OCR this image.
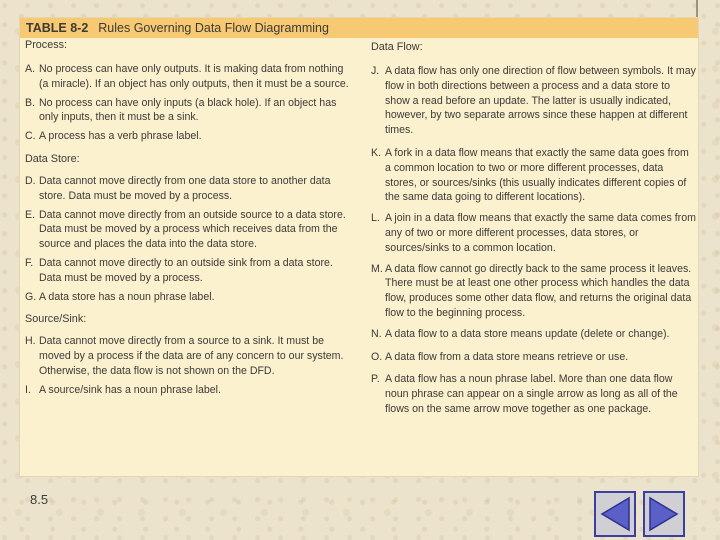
TABLE 8-2 Rules Governing Data Flow Diagramming
Process:
A. No process can have only outputs. It is making data from nothing (a miracle). If an object has only outputs, then it must be a source.
B. No process can have only inputs (a black hole). If an object has only inputs, then it must be a sink.
C. A process has a verb phrase label.
Data Store:
D. Data cannot move directly from one data store to another data store. Data must be moved by a process.
E. Data cannot move directly from an outside source to a data store. Data must be moved by a process which receives data from the source and places the data into the data store.
F. Data cannot move directly to an outside sink from a data store. Data must be moved by a process.
G. A data store has a noun phrase label.
Source/Sink:
H. Data cannot move directly from a source to a sink. It must be moved by a process if the data are of any concern to our system. Otherwise, the data flow is not shown on the DFD.
I. A source/sink has a noun phrase label.
Data Flow:
J. A data flow has only one direction of flow between symbols. It may flow in both directions between a process and a data store to show a read before an update. The latter is usually indicated, however, by two separate arrows since these happen at different times.
K. A fork in a data flow means that exactly the same data goes from a common location to two or more different processes, data stores, or sources/sinks (this usually indicates different copies of the same data going to different locations).
L. A join in a data flow means that exactly the same data comes from any of two or more different processes, data stores, or sources/sinks to a common location.
M. A data flow cannot go directly back to the same process it leaves. There must be at least one other process which handles the data flow, produces some other data flow, and returns the original data flow to the beginning process.
N. A data flow to a data store means update (delete or change).
O. A data flow from a data store means retrieve or use.
P. A data flow has a noun phrase label. More than one data flow noun phrase can appear on a single arrow as long as all of the flows on the same arrow move together as one package.
8.5
